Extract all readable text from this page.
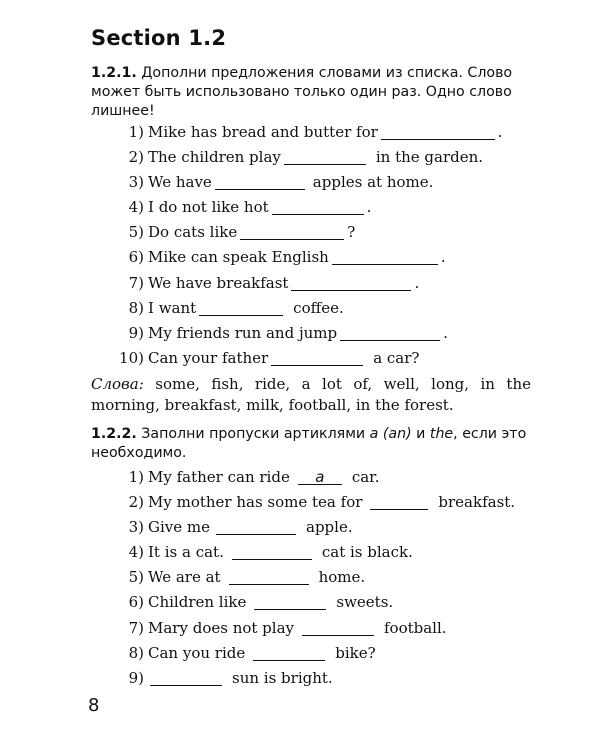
Section 1.2
1.2.1. Дополни предложения словами из списка. Слово может быть использовано только один раз. Одно слово лишнее!
1) Mike has bread and butter for	.
2) The children play	in the garden.
3) We have	apples at home.
4) I do not like hot	.
5) Do cats like	?
6) Mike can speak English	.
7) We have breakfast	.
8) I want	coffee.
9) My friends run and jump	.
10) Can your father	a car?
Слова: some, fish, ride, a lot of, well, long, in the morning, breakfast, milk, football, in the forest.
1.2.2. Заполни пропуски артиклями a (an) и the, если это необходимо.
1) My father can ride	a	car.
2) My mother has some tea for	breakfast.
3) Give me	apple.
4) It is a cat.	cat is black.
5) We are at	home.
6) Children like	sweets.
7) Mary does not play	football.
8) Can you ride	bike?
9)	sun is bright.
8
